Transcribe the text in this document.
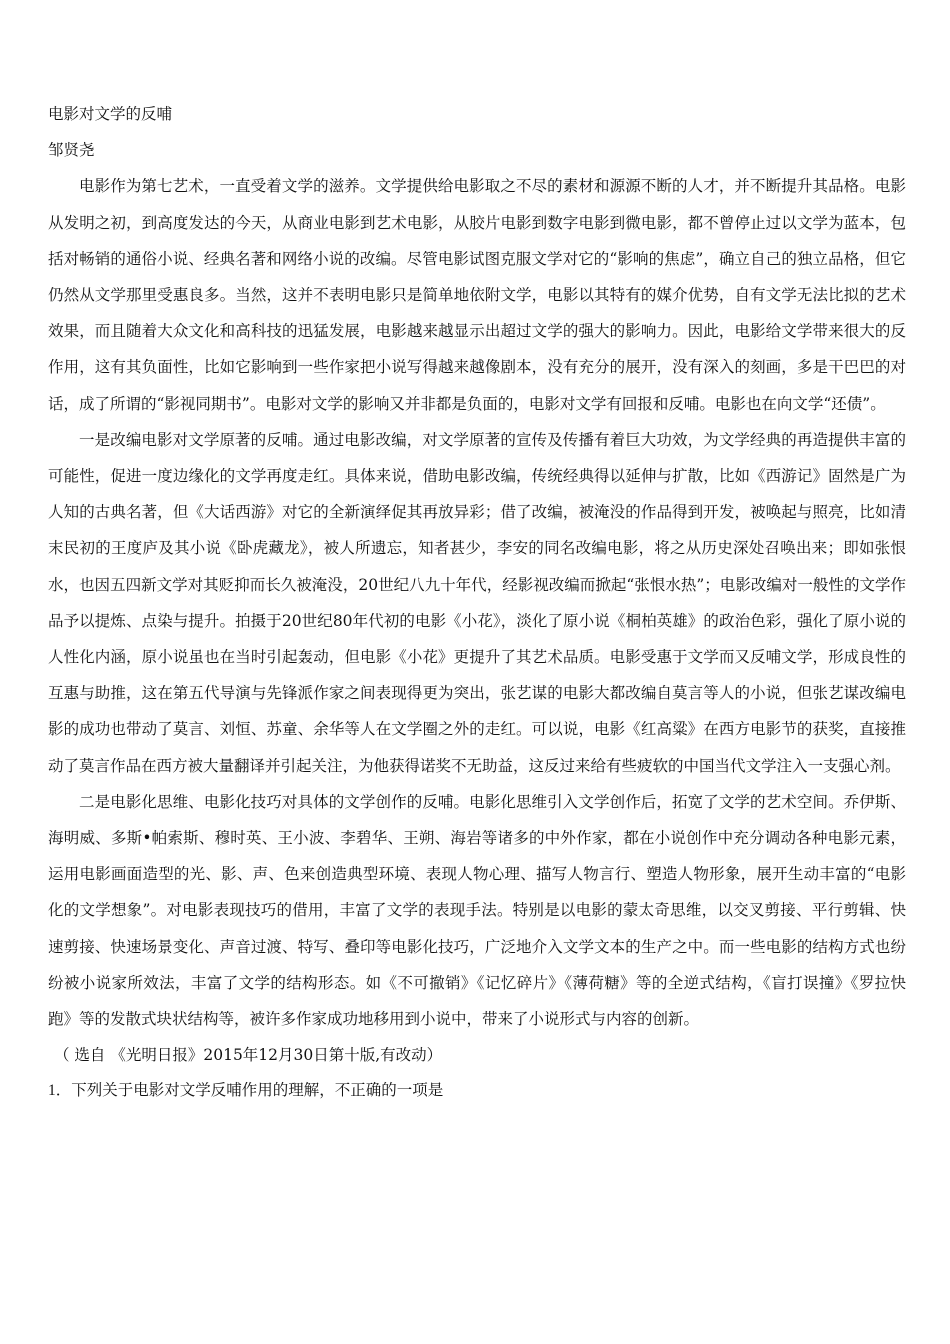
电影对文学的反哺

邹贤尧

电影作为第七艺术，一直受着文学的滋养。文学提供给电影取之不尽的素材和源源不断的人才，并不断提升其品格。电影从发明之初，到高度发达的今天，从商业电影到艺术电影，从胶片电影到数字电影到微电影，都不曾停止过以文学为蓝本，包括对畅销的通俗小说、经典名著和网络小说的改编。尽管电影试图克服文学对它的“影响的焦虑”，确立自己的独立品格，但它仍然从文学那里受惠良多。当然，这并不表明电影只是简单地依附文学，电影以其特有的媒介优势，自有文学无法比拟的艺术效果，而且随着大众文化和高科技的迅猛发展，电影越来越显示出超过文学的强大的影响力。因此，电影给文学带来很大的反作用，这有其负面性，比如它影响到一些作家把小说写得越来越像剧本，没有充分的展开，没有深入的刻画，多是干巴巴的对话，成了所谓的“影视同期书”。电影对文学的影响又并非都是负面的，电影对文学有回报和反哺。电影也在向文学“还债”。

一是改编电影对文学原著的反哺。通过电影改编，对文学原著的宣传及传播有着巨大功效，为文学经典的再造提供丰富的可能性，促进一度边缘化的文学再度走红。具体来说，借助电影改编，传统经典得以延伸与扩散，比如《西游记》固然是广为人知的古典名著，但《大话西游》对它的全新演绎促其再放异彩；借了改编，被淹没的作品得到开发，被唤起与照亮，比如清末民初的王度庐及其小说《卧虎藏龙》，被人所遗忘，知者甚少，李安的同名改编电影，将之从历史深处召唤出来；即如张恨水，也因五四新文学对其贬抑而长久被淹没，20世纪八九十年代，经影视改编而掀起“张恨水热”；电影改编对一般性的文学作品予以提炼、点染与提升。拍摄于20世纪80年代初的电影《小花》，淡化了原小说《桐柏英雄》的政治色彩，强化了原小说的人性化内涵，原小说虽也在当时引起轰动，但电影《小花》更提升了其艺术品质。电影受惠于文学而又反哺文学，形成良性的互惠与助推，这在第五代导演与先锋派作家之间表现得更为突出，张艺谋的电影大都改编自莫言等人的小说，但张艺谋改编电影的成功也带动了莫言、刘恒、苏童、余华等人在文学圈之外的走红。可以说，电影《红高粱》在西方电影节的获奖，直接推动了莫言作品在西方被大量翻译并引起关注，为他获得诺奖不无助益，这反过来给有些疲软的中国当代文学注入一支强心剂。

二是电影化思维、电影化技巧对具体的文学创作的反哺。电影化思维引入文学创作后，拓宽了文学的艺术空间。乔伊斯、海明威、多斯•帕索斯、穆时英、王小波、李碧华、王朔、海岩等诸多的中外作家，都在小说创作中充分调动各种电影元素，运用电影画面造型的光、影、声、色来创造典型环境、表现人物心理、描写人物言行、塑造人物形象，展开生动丰富的“电影化的文学想象”。对电影表现技巧的借用，丰富了文学的表现手法。特别是以电影的蒙太奇思维，以交叉剪接、平行剪辑、快速剪接、快速场景变化、声音过渡、特写、叠印等电影化技巧，广泛地介入文学文本的生产之中。而一些电影的结构方式也纷纷被小说家所效法，丰富了文学的结构形态。如《不可撤销》《记忆碎片》《薄荷糖》等的全逆式结构，《盲打误撞》《罗拉快跑》等的发散式块状结构等，被许多作家成功地移用到小说中，带来了小说形式与内容的创新。

（ 选自 《光明日报》2015年12月30日第十版,有改动）

1．下列关于电影对文学反哺作用的理解，不正确的一项是
